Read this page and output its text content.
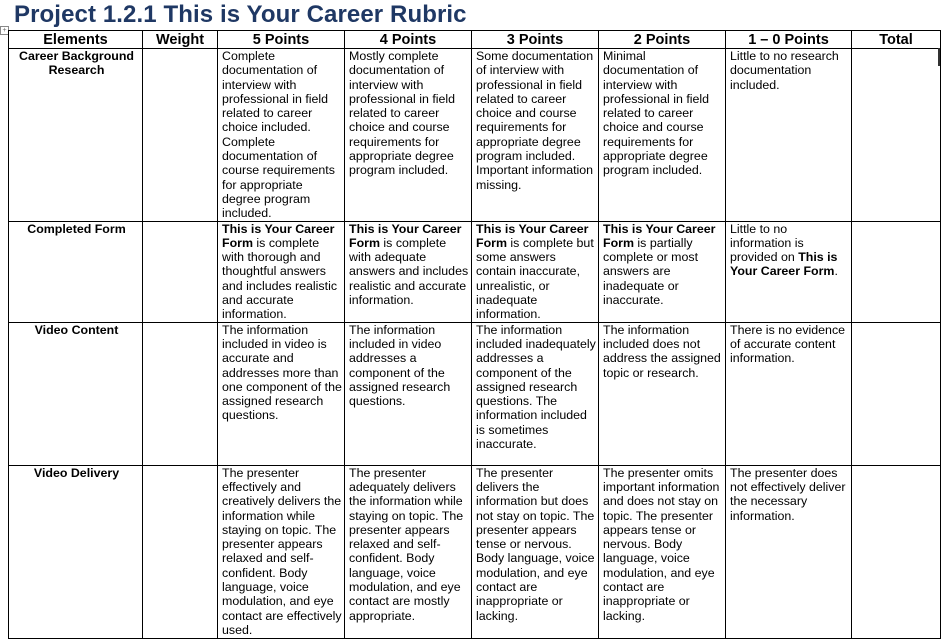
Project 1.2.1 This is Your Career Rubric
+
Elements	Weight	5 Points	4 Points	3 Points	2 Points	1 – 0 Points	Total
Career Background Research		Complete documentation of interview with professional in field related to career choice included. Complete documentation of course requirements for appropriate degree program included.	Mostly complete documentation of interview with professional in field related to career choice and course requirements for appropriate degree program included.	Some documentation of interview with professional in field related to career choice and course requirements for appropriate degree program included. Important information missing.	Minimal documentation of interview with professional in field related to career choice and course requirements for appropriate degree program included.	Little to no research documentation included.	
Completed Form		This is Your Career Form is complete with thorough and thoughtful answers and includes realistic and accurate information.	This is Your Career Form is complete with adequate answers and includes realistic and accurate information.	This is Your Career Form is complete but some answers contain inaccurate, unrealistic, or inadequate information.	This is Your Career Form is partially complete or most answers are inadequate or inaccurate.	Little to no information is provided on This is Your Career Form.	
Video Content		The information included in video is accurate and addresses more than one component of the assigned research questions.	The information included in video addresses a component of the assigned research questions.	The information included inadequately addresses a component of the assigned research questions. The information included is sometimes inaccurate.	The information included does not address the assigned topic or research.	There is no evidence of accurate content information.	
Video Delivery		The presenter effectively and creatively delivers the information while staying on topic. The presenter appears relaxed and self-confident. Body language, voice modulation, and eye contact are effectively used.	The presenter adequately delivers the information while staying on topic. The presenter appears relaxed and self-confident. Body language, voice modulation, and eye contact are mostly appropriate.	The presenter delivers the information but does not stay on topic. The presenter appears tense or nervous. Body language, voice modulation, and eye contact are inappropriate or lacking.	The presenter omits important information and does not stay on topic. The presenter appears tense or nervous. Body language, voice modulation, and eye contact are inappropriate or lacking.	The presenter does not effectively deliver the necessary information.	
